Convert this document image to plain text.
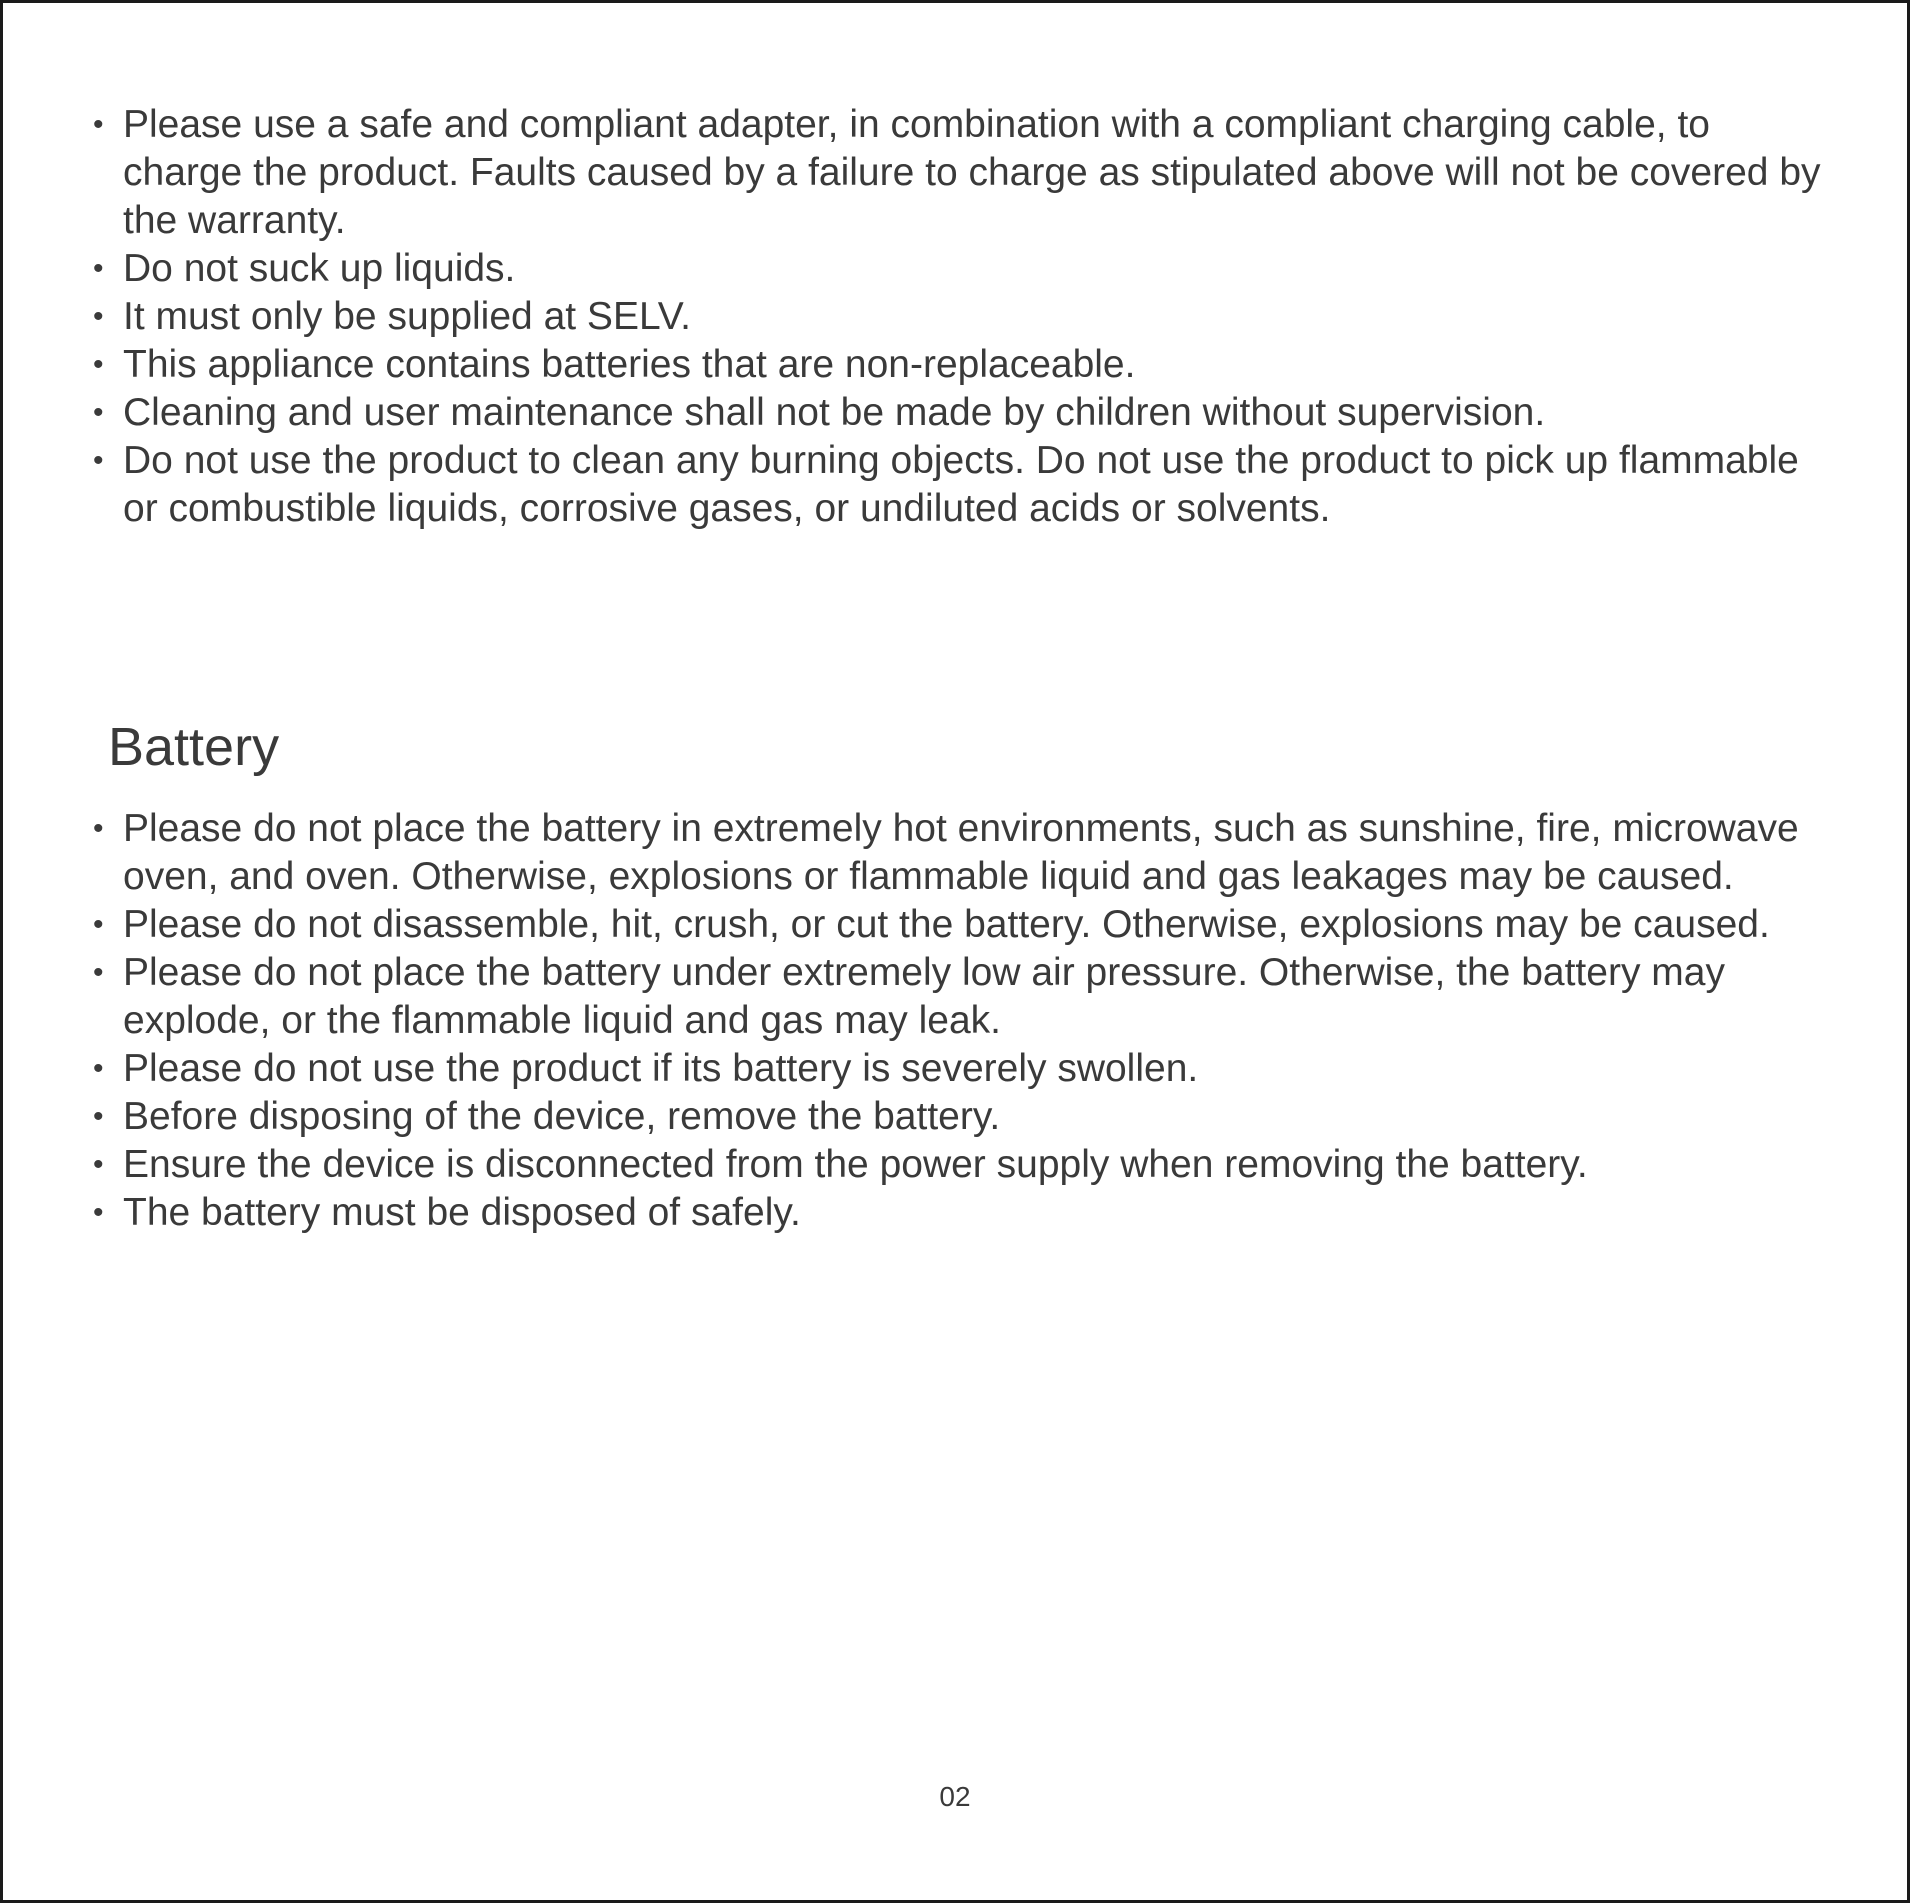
• Please use a safe and compliant adapter, in combination with a compliant charging cable, to charge the product. Faults caused by a failure to charge as stipulated above will not be covered by the warranty.
• Do not suck up liquids.
• It must only be supplied at SELV.
• This appliance contains batteries that are non-replaceable.
• Cleaning and user maintenance shall not be made by children without supervision.
• Do not use the product to clean any burning objects. Do not use the product to pick up flammable or combustible liquids, corrosive gases, or undiluted acids or solvents.
Battery
• Please do not place the battery in extremely hot environments, such as sunshine, fire, microwave oven, and oven. Otherwise, explosions or flammable liquid and gas leakages may be caused.
• Please do not disassemble, hit, crush, or cut the battery. Otherwise, explosions may be caused.
• Please do not place the battery under extremely low air pressure. Otherwise, the battery may explode, or the flammable liquid and gas may leak.
• Please do not use the product if its battery is severely swollen.
• Before disposing of the device, remove the battery.
• Ensure the device is disconnected from the power supply when removing the battery.
• The battery must be disposed of safely.
02
